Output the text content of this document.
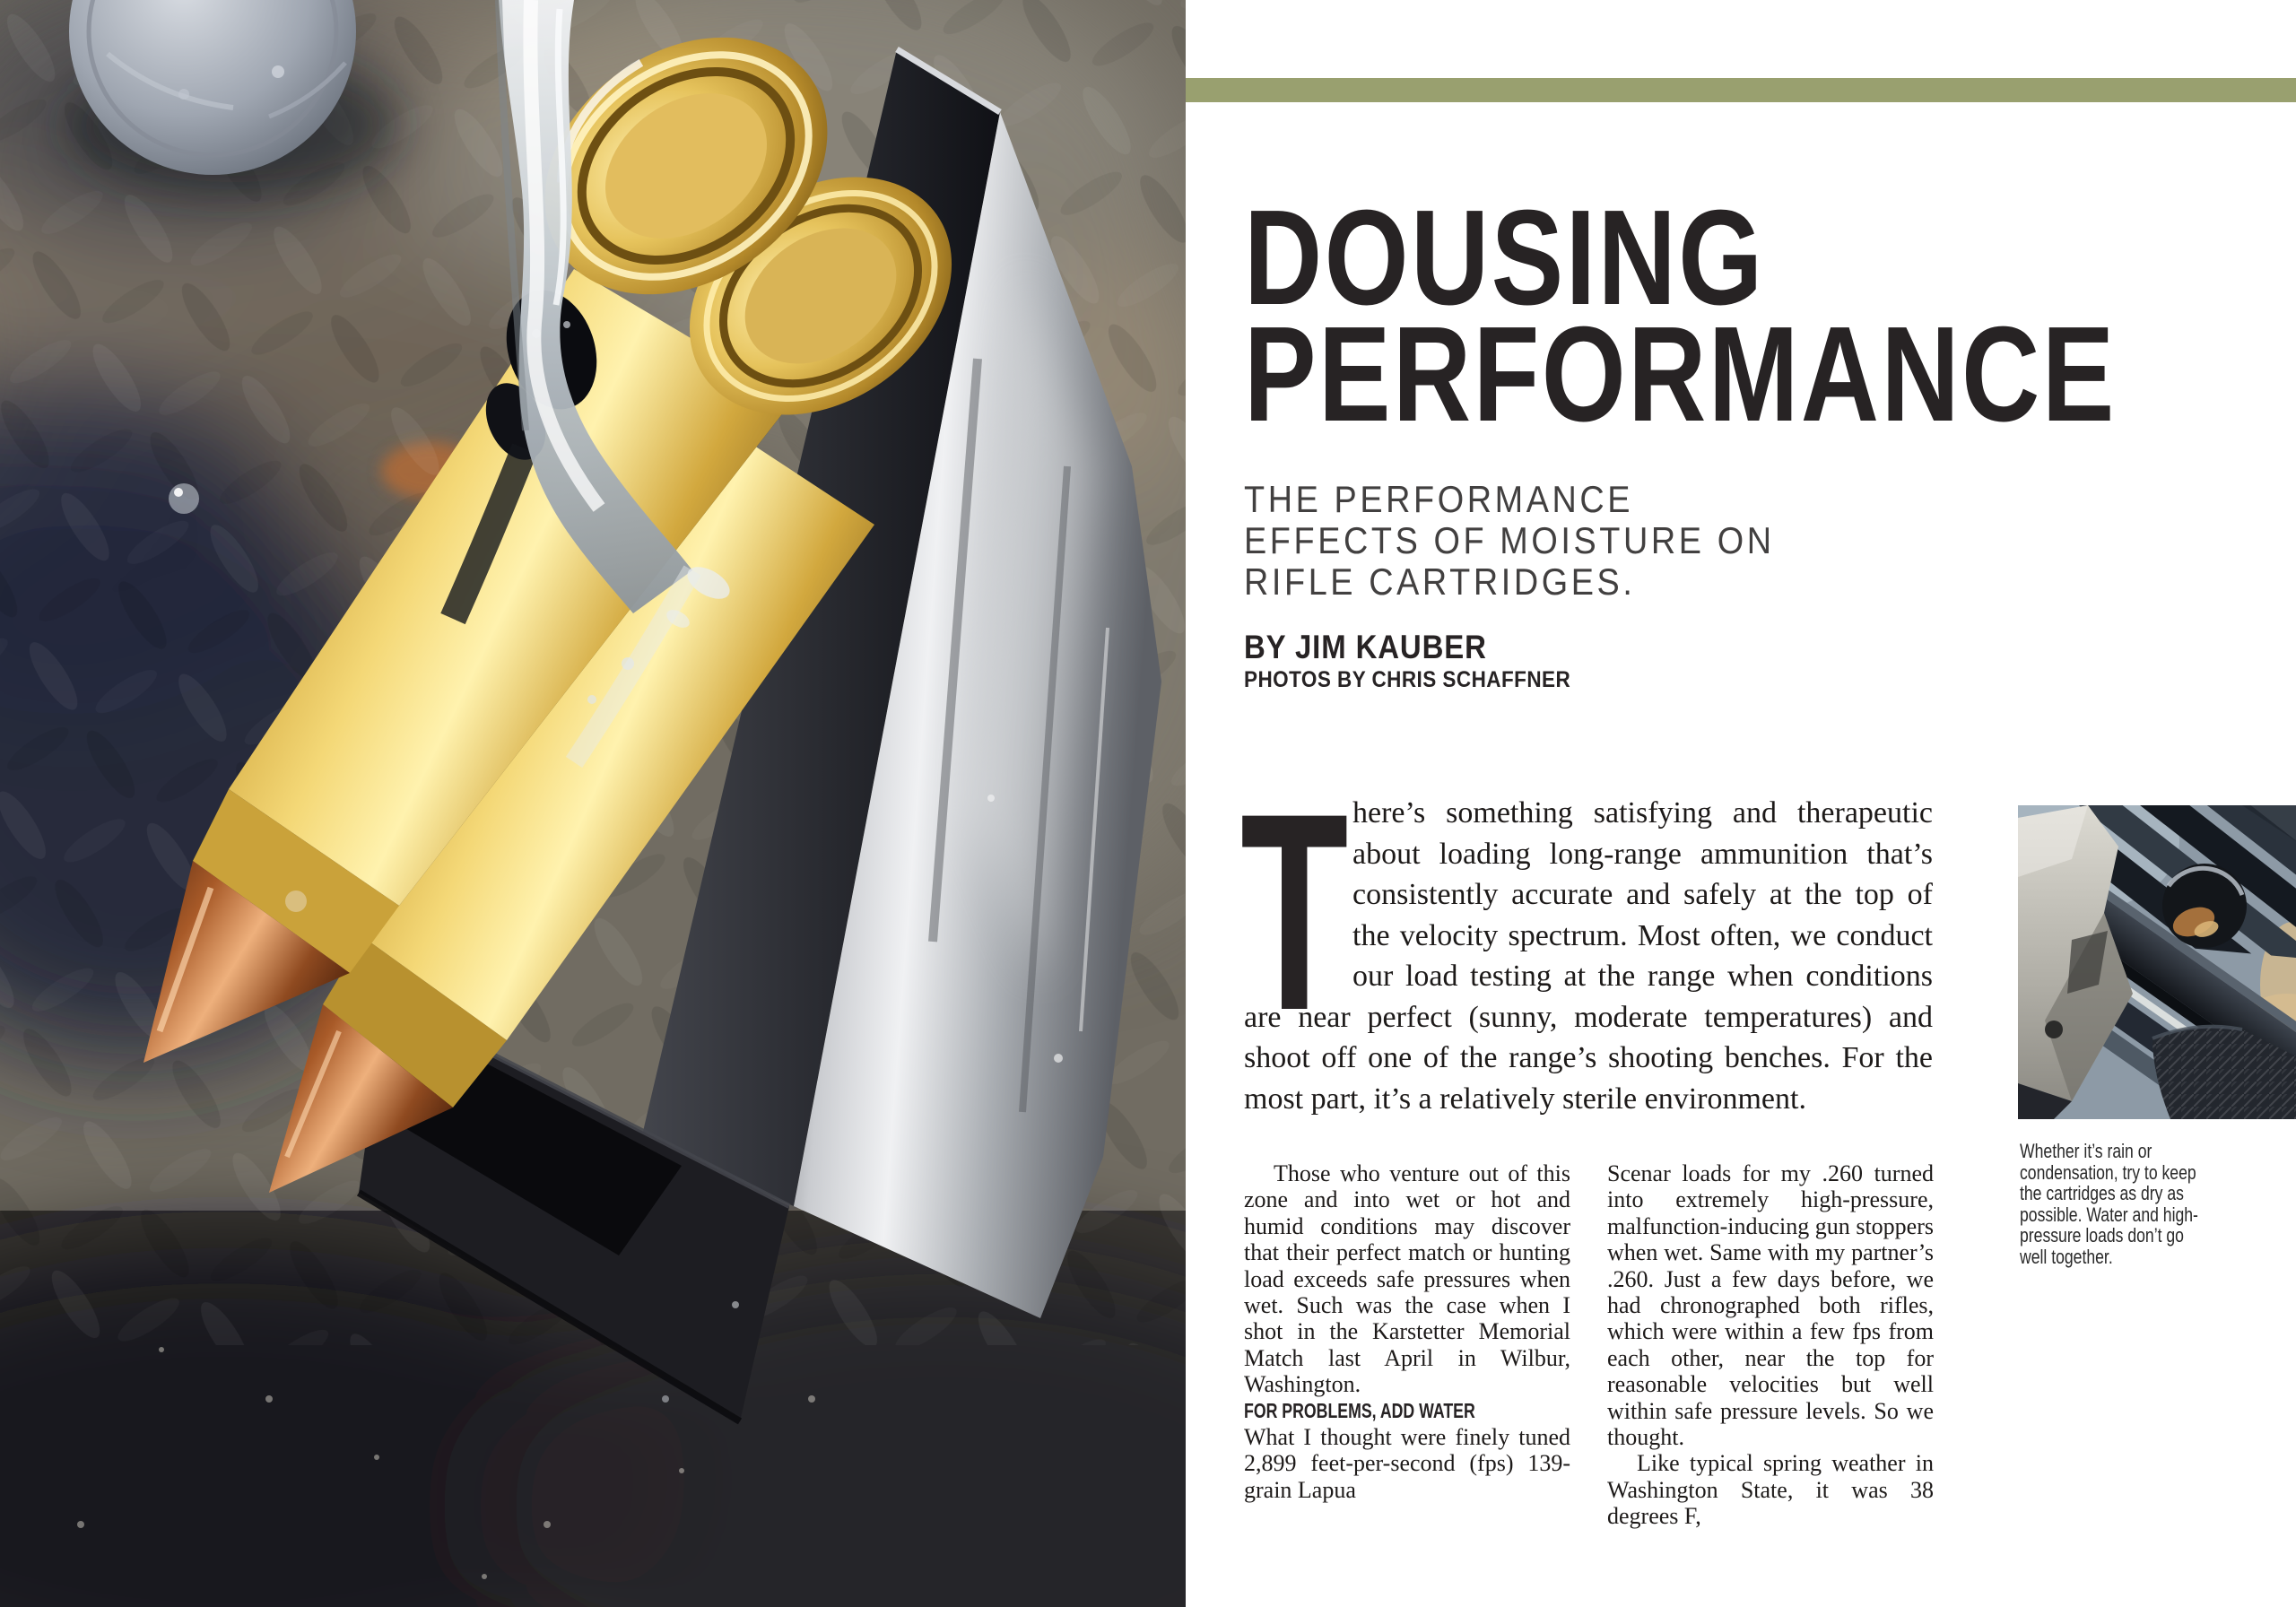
DOUSING
PERFORMANCE
THE PERFORMANCE
EFFECTS OF MOISTURE ON
RIFLE CARTRIDGES.
BY JIM KAUBER
PHOTOS BY CHRIS SCHAFFNER

T here’s something satisfying and therapeutic about loading long-range ammunition that’s consistently accurate and safely at the top of the velocity spectrum. Most often, we conduct our load testing at the range when conditions are near perfect (sunny, moderate temperatures) and shoot off one of the range’s shooting benches. For the most part, it’s a relatively sterile environment.

Those who venture out of this zone and into wet or hot and humid conditions may discover that their perfect match or hunting load exceeds safe pressures when wet. Such was the case when I shot in the Karstetter Memorial Match last April in Wilbur, Washington.

FOR PROBLEMS, ADD WATER

What I thought were finely tuned 2,899 feet-per-second (fps) 139-grain Lapua

Scenar loads for my .260 turned into extremely high-pressure, malfunction-inducing gun stoppers when wet. Same with my partner’s .260. Just a few days before, we had chronographed both rifles, which were within a few fps from each other, near the top for reasonable velocities but well within safe pressure levels. So we thought.

Like typical spring weather in Washington State, it was 38 degrees F,

Whether it’s rain or condensation, try to keep the cartridges as dry as possible. Water and high-pressure loads don’t go well together.
